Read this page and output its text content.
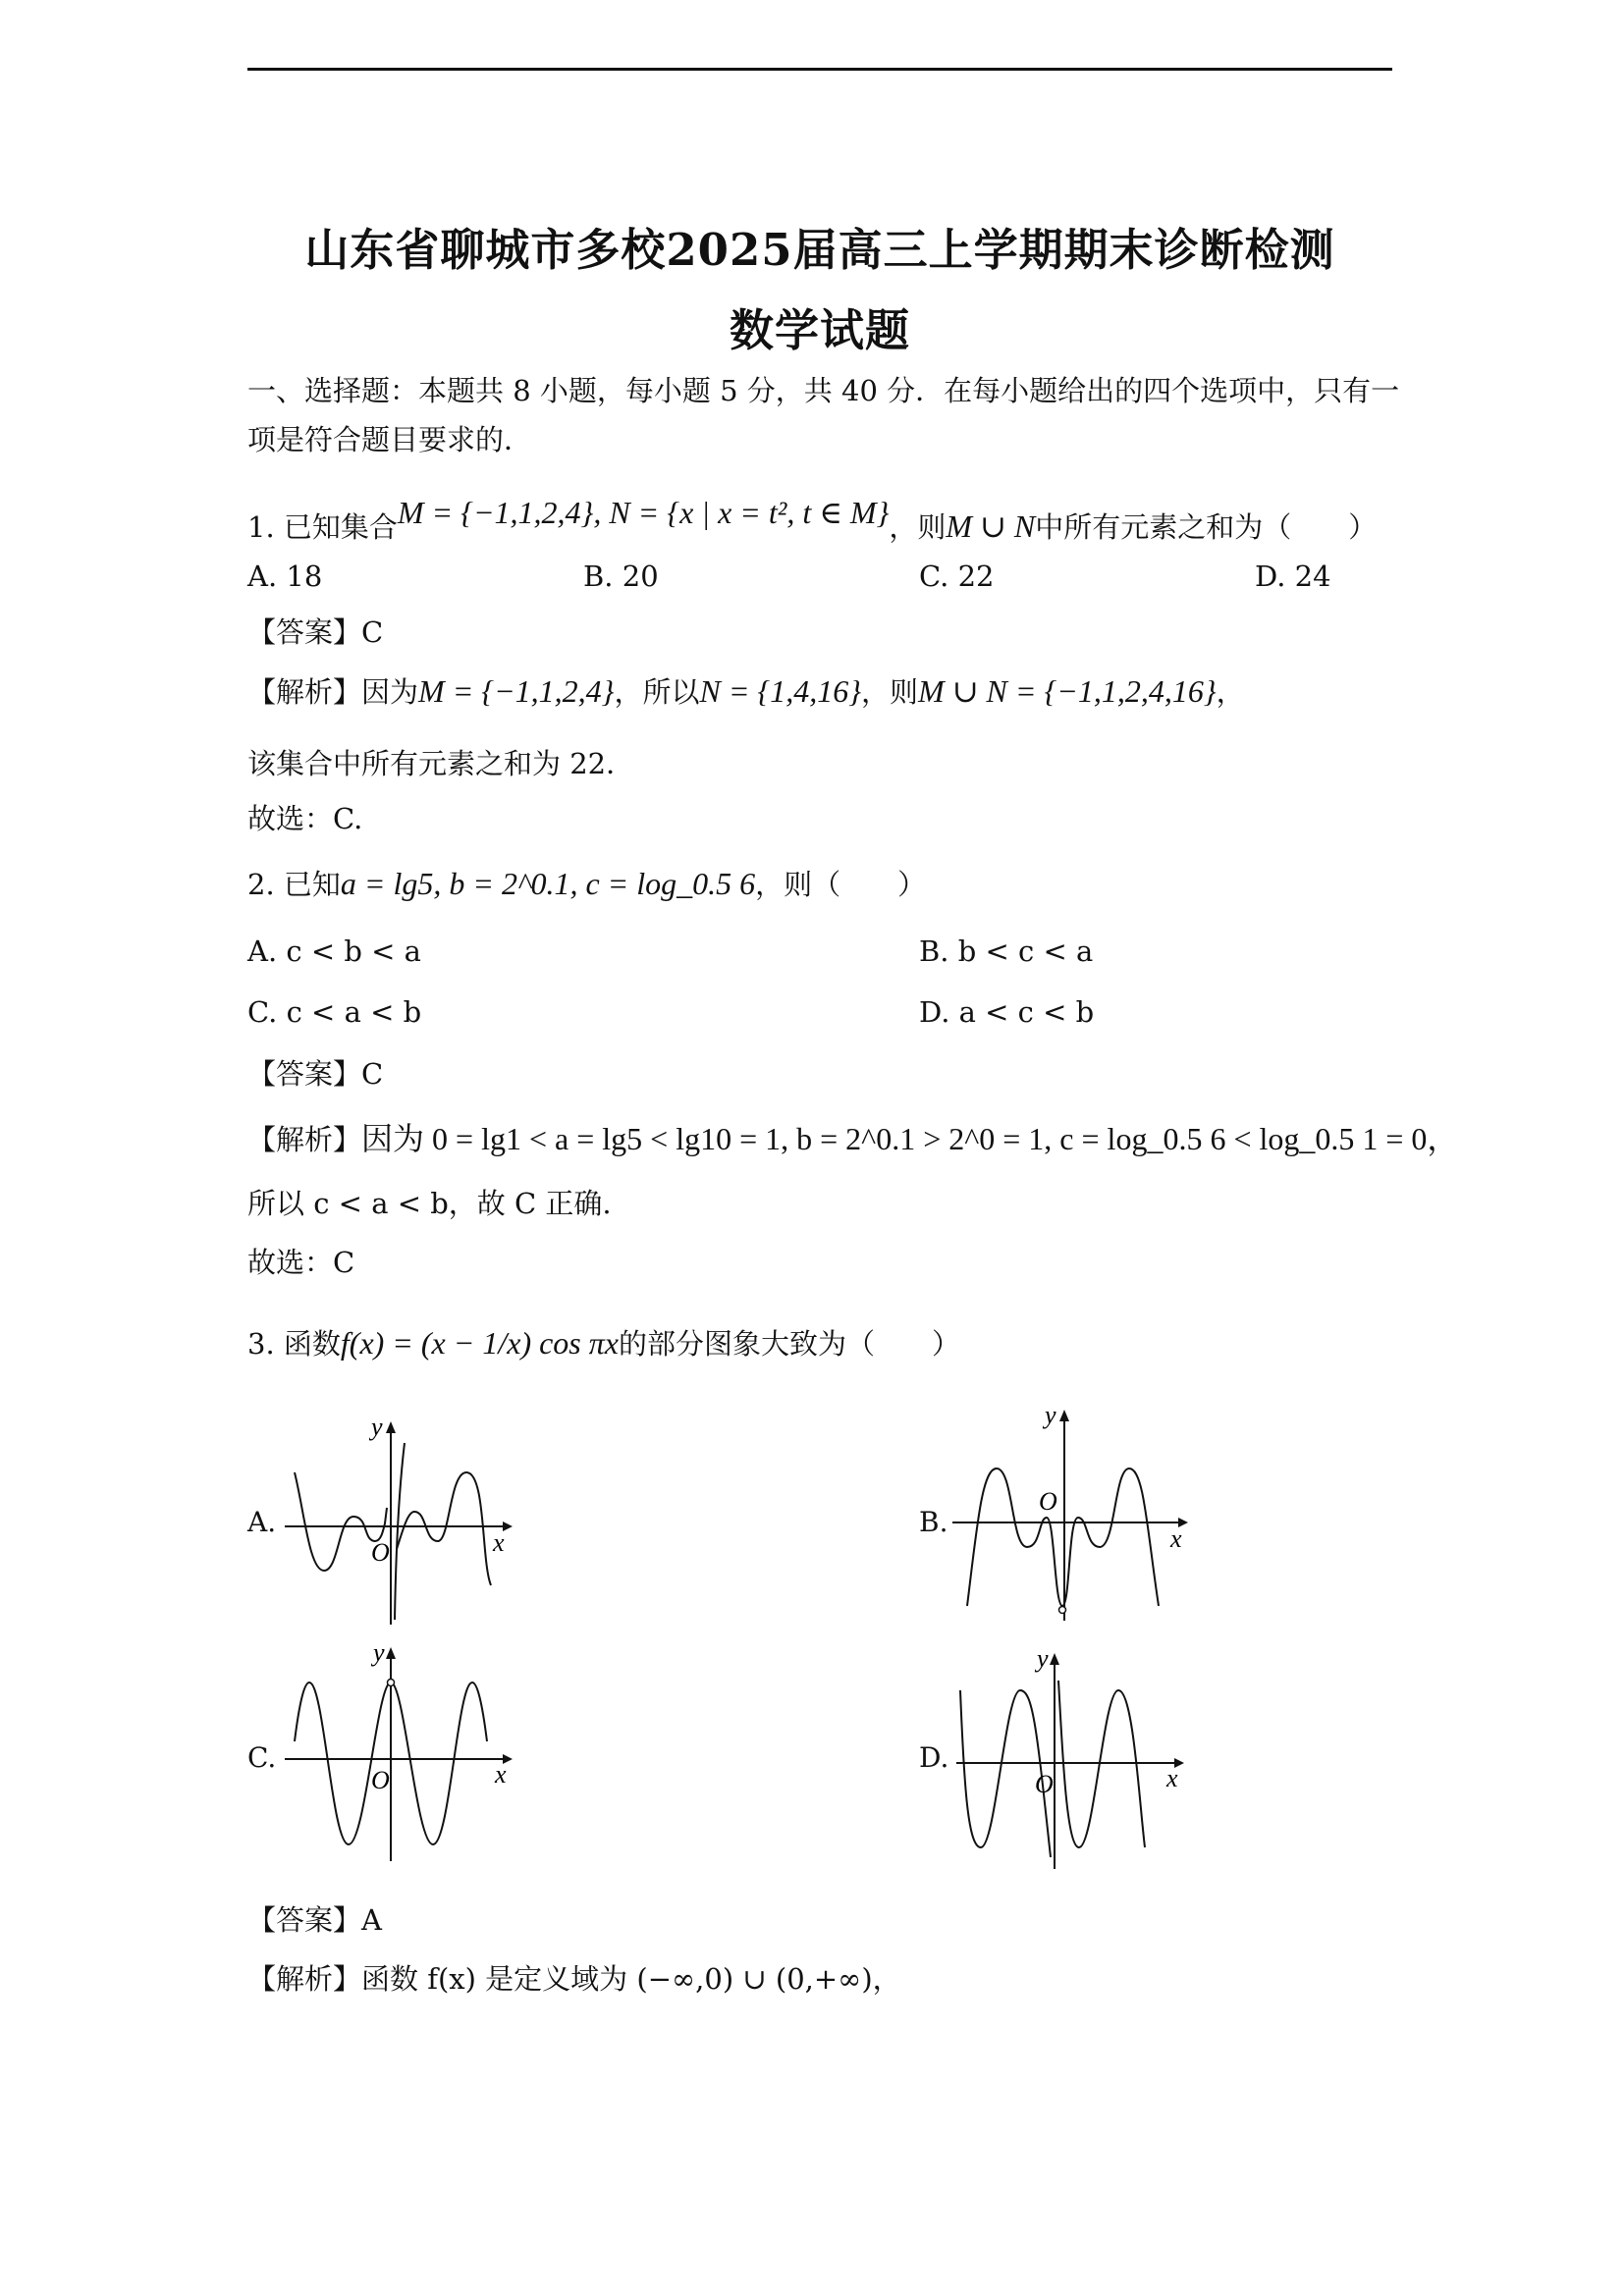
山东省聊城市多校2025届高三上学期期末诊断检测
数学试题
一、选择题：本题共 8 小题，每小题 5 分，共 40 分．在每小题给出的四个选项中，只有一
项是符合题目要求的．
1. 已知集合M = {−1,1,2,4}, N = {x | x = t², t ∈ M}，则M ∪ N中所有元素之和为（　　）
A. 18	B. 20	C. 22	D. 24
【答案】C
【解析】因为M = {−1,1,2,4}，所以N = {1,4,16}，则M ∪ N = {−1,1,2,4,16}，
该集合中所有元素之和为 22．
故选：C.
2. 已知a = lg5, b = 2^0.1, c = log_0.5 6，则（　　）
A. c < b < a	B. b < c < a
C. c < a < b	D. a < c < b
【答案】C
【解析】因为 0 = lg1 < a = lg5 < lg10 = 1, b = 2^0.1 > 2^0 = 1, c = log_0.5 6 < log_0.5 1 = 0，
所以 c < a < b，故 C 正确.
故选：C
3. 函数f(x) = (x − 1/x) cos πx的部分图象大致为（　　）
A.
O	x
y
B.
O
x
y
C.
O	x
y
D.
O	x
y
【答案】A
【解析】函数 f(x) 是定义域为 (−∞,0) ∪ (0,+∞)，
